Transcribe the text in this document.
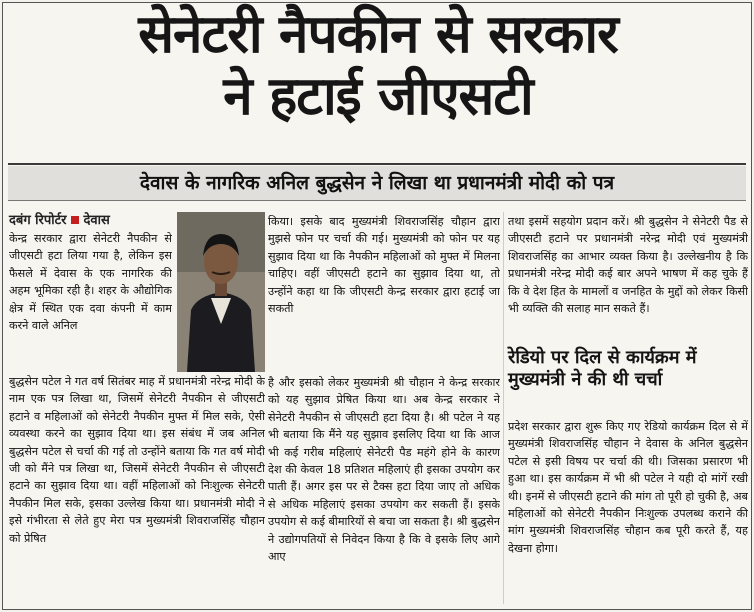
सेनेटरी नैपकीन से सरकार
ने हटाई जीएसटी
देवास के नागरिक अनिल बुद्धसेन ने लिखा था प्रधानमंत्री मोदी को पत्र
दबंग रिपोर्टर देवास
केन्द्र सरकार द्वारा सेनेटरी नैपकीन से जीएसटी हटा लिया गया है, लेकिन इस फैसले में देवास के एक नागरिक की अहम भूमिका रही है। शहर के औद्योगिक क्षेत्र में स्थित एक दवा कंपनी में काम करने वाले अनिल
बुद्धसेन पटेल ने गत वर्ष सितंबर माह में प्रधानमंत्री नरेन्द्र मोदी के नाम एक पत्र लिखा था, जिसमें सेनेटरी नैपकीन से जीएसटी हटाने व महिलाओं को सेनेटरी नैपकीन मुफ्त में मिल सके, ऐसी व्यवस्था करने का सुझाव दिया था। इस संबंध में जब अनिल बुद्धसेन पटेल से चर्चा की गई तो उन्होंने बताया कि गत वर्ष मोदी जी को मैंने पत्र लिखा था, जिसमें सेनेटरी नैपकीन से जीएसटी हटाने का सुझाव दिया था। वहीं महिलाओं को निःशुल्क सेनेटरी नैपकीन मिल सके, इसका उल्लेख किया था। प्रधानमंत्री मोदी ने इसे गंभीरता से लेते हुए मेरा पत्र मुख्यमंत्री शिवराजसिंह चौहान को प्रेषित
किया। इसके बाद मुख्यमंत्री शिवराजसिंह चौहान द्वारा मुझसे फोन पर चर्चा की गई। मुख्यमंत्री को फोन पर यह सुझाव दिया था कि नैपकीन महिलाओं को मुफ्त में मिलना चाहिए। वहीं जीएसटी हटाने का सुझाव दिया था, तो उन्होंने कहा था कि जीएसटी केन्द्र सरकार द्वारा हटाई जा सकती
है और इसको लेकर मुख्यमंत्री श्री चौहान ने केन्द्र सरकार को यह सुझाव प्रेषित किया था। अब केन्द्र सरकार ने सेनेटरी नैपकीन से जीएसटी हटा दिया है। श्री पटेल ने यह भी बताया कि मैंने यह सुझाव इसलिए दिया था कि आज भी कई गरीब महिलाएं सेनेटरी पैड महंगे होने के कारण देश की केवल 18 प्रतिशत महिलाएं ही इसका उपयोग कर पाती हैं। अगर इस पर से टैक्स हटा दिया जाए तो अधिक से अधिक महिलाएं इसका उपयोग कर सकती हैं। इसके उपयोग से कई बीमारियों से बचा जा सकता है। श्री बुद्धसेन ने उद्योगपतियों से निवेदन किया है कि वे इसके लिए आगे आए
तथा इसमें सहयोग प्रदान करें। श्री बुद्धसेन ने सेनेटरी पैड से जीएसटी हटाने पर प्रधानमंत्री नरेन्द्र मोदी एवं मुख्यमंत्री शिवराजसिंह का आभार व्यक्त किया है। उल्लेखनीय है कि प्रधानमंत्री नरेन्द्र मोदी कई बार अपने भाषण में कह चुके हैं कि वे देश हित के मामलों व जनहित के मुद्दों को लेकर किसी भी व्यक्ति की सलाह मान सकते हैं।
रेडियो पर दिल से कार्यक्रम में मुख्यमंत्री ने की थी चर्चा
प्रदेश सरकार द्वारा शुरू किए गए रेडियो कार्यक्रम दिल से में मुख्यमंत्री शिवराजसिंह चौहान ने देवास के अनिल बुद्धसेन पटेल से इसी विषय पर चर्चा की थी। जिसका प्रसारण भी हुआ था। इस कार्यक्रम में भी श्री पटेल ने यही दो मांगें रखी थी। इनमें से जीएसटी हटाने की मांग तो पूरी हो चुकी है, अब महिलाओं को सेनेटरी नैपकीन निःशुल्क उपलब्ध कराने की मांग मुख्यमंत्री शिवराजसिंह चौहान कब पूरी करते हैं, यह देखना होगा।
